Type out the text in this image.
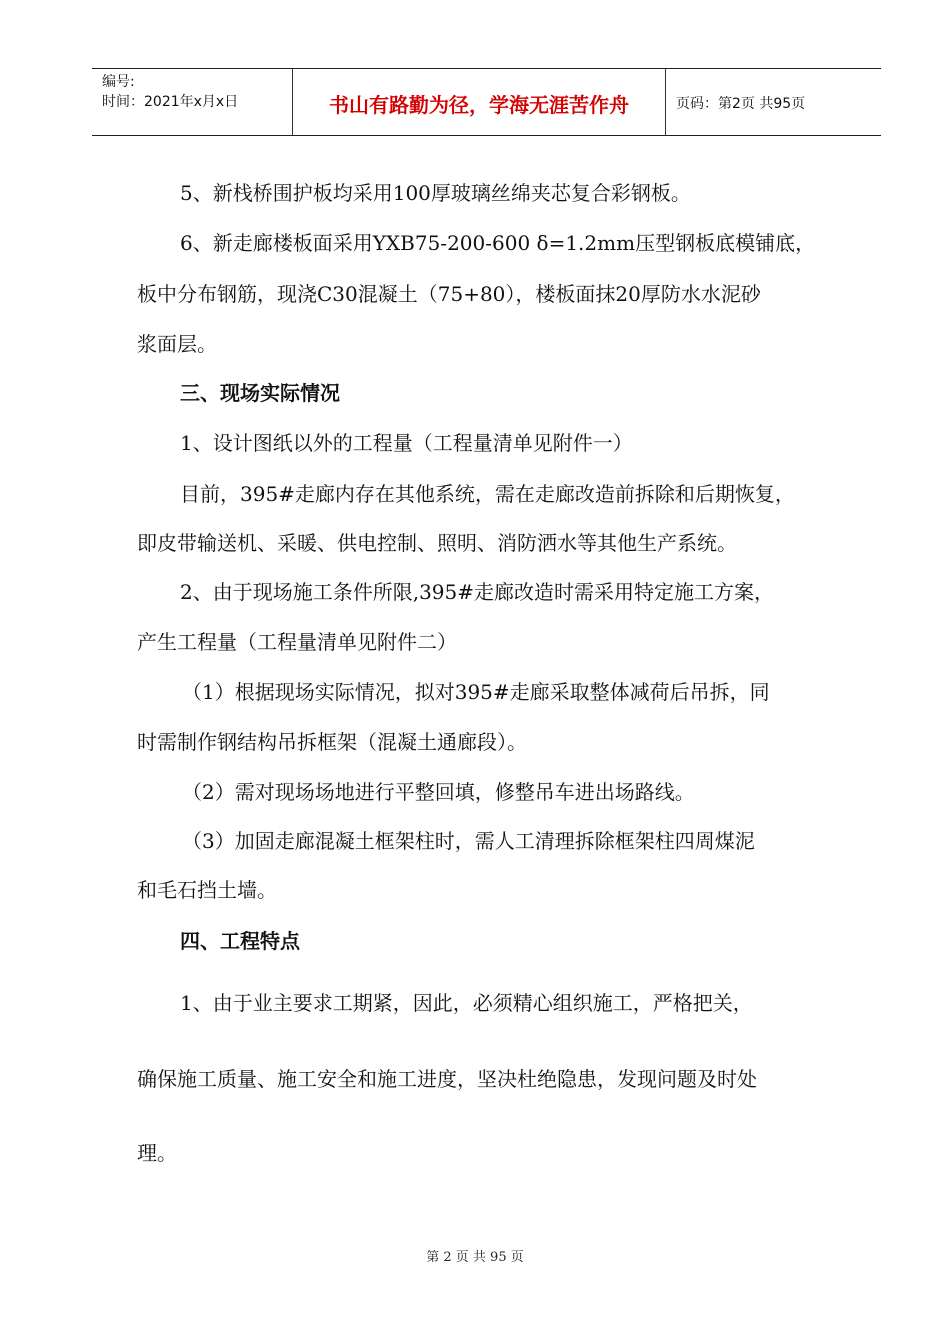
编号:
时间：2021年x月x日	书山有路勤为径，学海无涯苦作舟	页码：第2页 共95页
5、新栈桥围护板均采用100厚玻璃丝绵夹芯复合彩钢板。
6、新走廊楼板面采用YXB75-200-600 δ=1.2mm压型钢板底模铺底，
板中分布钢筋，现浇C30混凝土（75+80），楼板面抹20厚防水水泥砂
浆面层。
三、现场实际情况
1、设计图纸以外的工程量（工程量清单见附件一）
目前，395#走廊内存在其他系统，需在走廊改造前拆除和后期恢复，
即皮带输送机、采暖、供电控制、照明、消防洒水等其他生产系统。
2、由于现场施工条件所限,395#走廊改造时需采用特定施工方案，
产生工程量（工程量清单见附件二）
（1）根据现场实际情况，拟对395#走廊采取整体减荷后吊拆，同
时需制作钢结构吊拆框架（混凝土通廊段）。
（2）需对现场场地进行平整回填，修整吊车进出场路线。
（3）加固走廊混凝土框架柱时，需人工清理拆除框架柱四周煤泥
和毛石挡土墙。
四、工程特点
1、由于业主要求工期紧，因此，必须精心组织施工，严格把关，
确保施工质量、施工安全和施工进度，坚决杜绝隐患，发现问题及时处
理。
第 2 页 共 95 页
